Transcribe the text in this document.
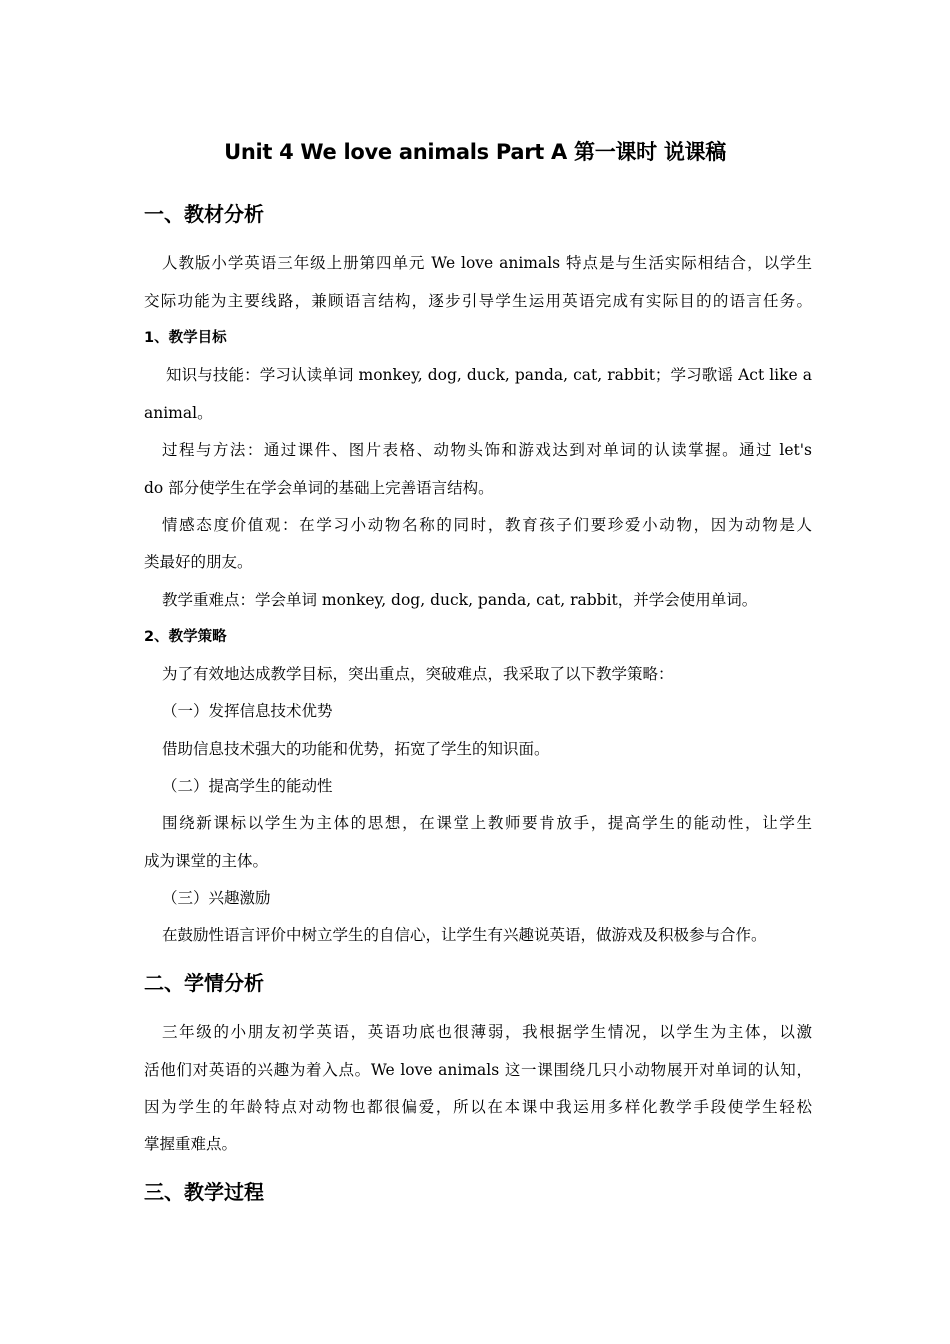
Unit 4 We love animals Part A 第一课时 说课稿
一、教材分析
人教版小学英语三年级上册第四单元 We love animals 特点是与生活实际相结合，以学生
交际功能为主要线路，兼顾语言结构，逐步引导学生运用英语完成有实际目的的语言任务。
1、教学目标
知识与技能：学习认读单词 monkey, dog, duck, panda, cat, rabbit；学习歌谣 Act like a
animal。
过程与方法：通过课件、图片表格、动物头饰和游戏达到对单词的认读掌握。通过 let's
do 部分使学生在学会单词的基础上完善语言结构。
情感态度价值观：在学习小动物名称的同时，教育孩子们要珍爱小动物，因为动物是人
类最好的朋友。
教学重难点：学会单词 monkey, dog, duck, panda, cat, rabbit，并学会使用单词。
2、教学策略
为了有效地达成教学目标，突出重点，突破难点，我采取了以下教学策略：
（一）发挥信息技术优势
借助信息技术强大的功能和优势，拓宽了学生的知识面。
（二）提高学生的能动性
围绕新课标以学生为主体的思想，在课堂上教师要肯放手，提高学生的能动性，让学生
成为课堂的主体。
（三）兴趣激励
在鼓励性语言评价中树立学生的自信心，让学生有兴趣说英语，做游戏及积极参与合作。
二、学情分析
三年级的小朋友初学英语，英语功底也很薄弱，我根据学生情况，以学生为主体，以激
活他们对英语的兴趣为着入点。We love animals 这一课围绕几只小动物展开对单词的认知，
因为学生的年龄特点对动物也都很偏爱，所以在本课中我运用多样化教学手段使学生轻松
掌握重难点。
三、教学过程
